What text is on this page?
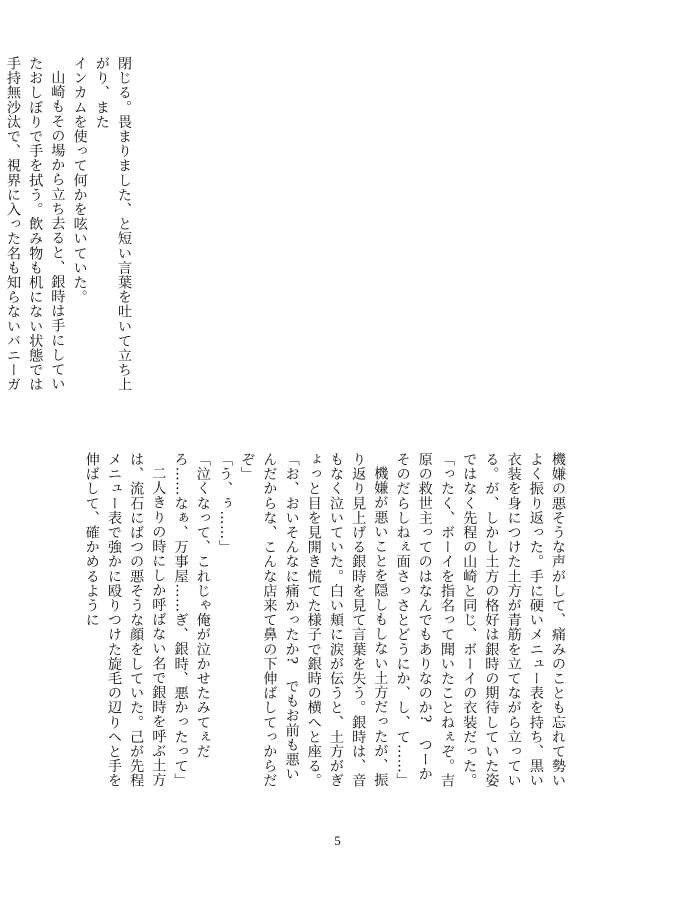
閉じる。畏まりました、と短い言葉を吐いて立ち上がり、また

インカムを使って何かを呟いていた。

山崎もその場から立ち去ると、銀時は手にしていたおしぼりで手を拭う。飲み物も机にない状態では手持無沙汰で、視界に入った名も知らないバニーガ

機嫌の悪そうな声がして、痛みのことも忘れて勢いよく振り返った。手に硬いメニュー表を持ち、黒い衣装を身につけた土方が青筋を立てながら立っている。が、しかし土方の格好は銀時の期待していた姿ではなく先程の山崎と同じ、ボーイの衣装だった。

「ったく、ボーイを指名って聞いたことねぇぞ。吉原の救世主ってのはなんでもありなのか?　つーかそのだらしねぇ面さっさとどうにか、し、て……」

機嫌が悪いことを隠しもしない土方だったが、振り返り見上げる銀時を見て言葉を失う。銀時は、音もなく泣いていた。白い頬に涙が伝うと、土方がぎょっと目を見開き慌てた様子で銀時の横へと座る。

「お、おいそんなに痛かったか?　でもお前も悪いんだからな、こんな店来て鼻の下伸ばしてっからだぞ」

「う、ぅ……」

「泣くなって、これじゃ俺が泣かせたみてぇだろ……なぁ、万事屋……ぎ、銀時、悪かったって」

二人きりの時にしか呼ばない名で銀時を呼ぶ土方は、流石にばつの悪そうな顔をしていた。己が先程メニュー表で強かに殴りつけた旋毛の辺りへと手を伸ばして、確かめるように

5
